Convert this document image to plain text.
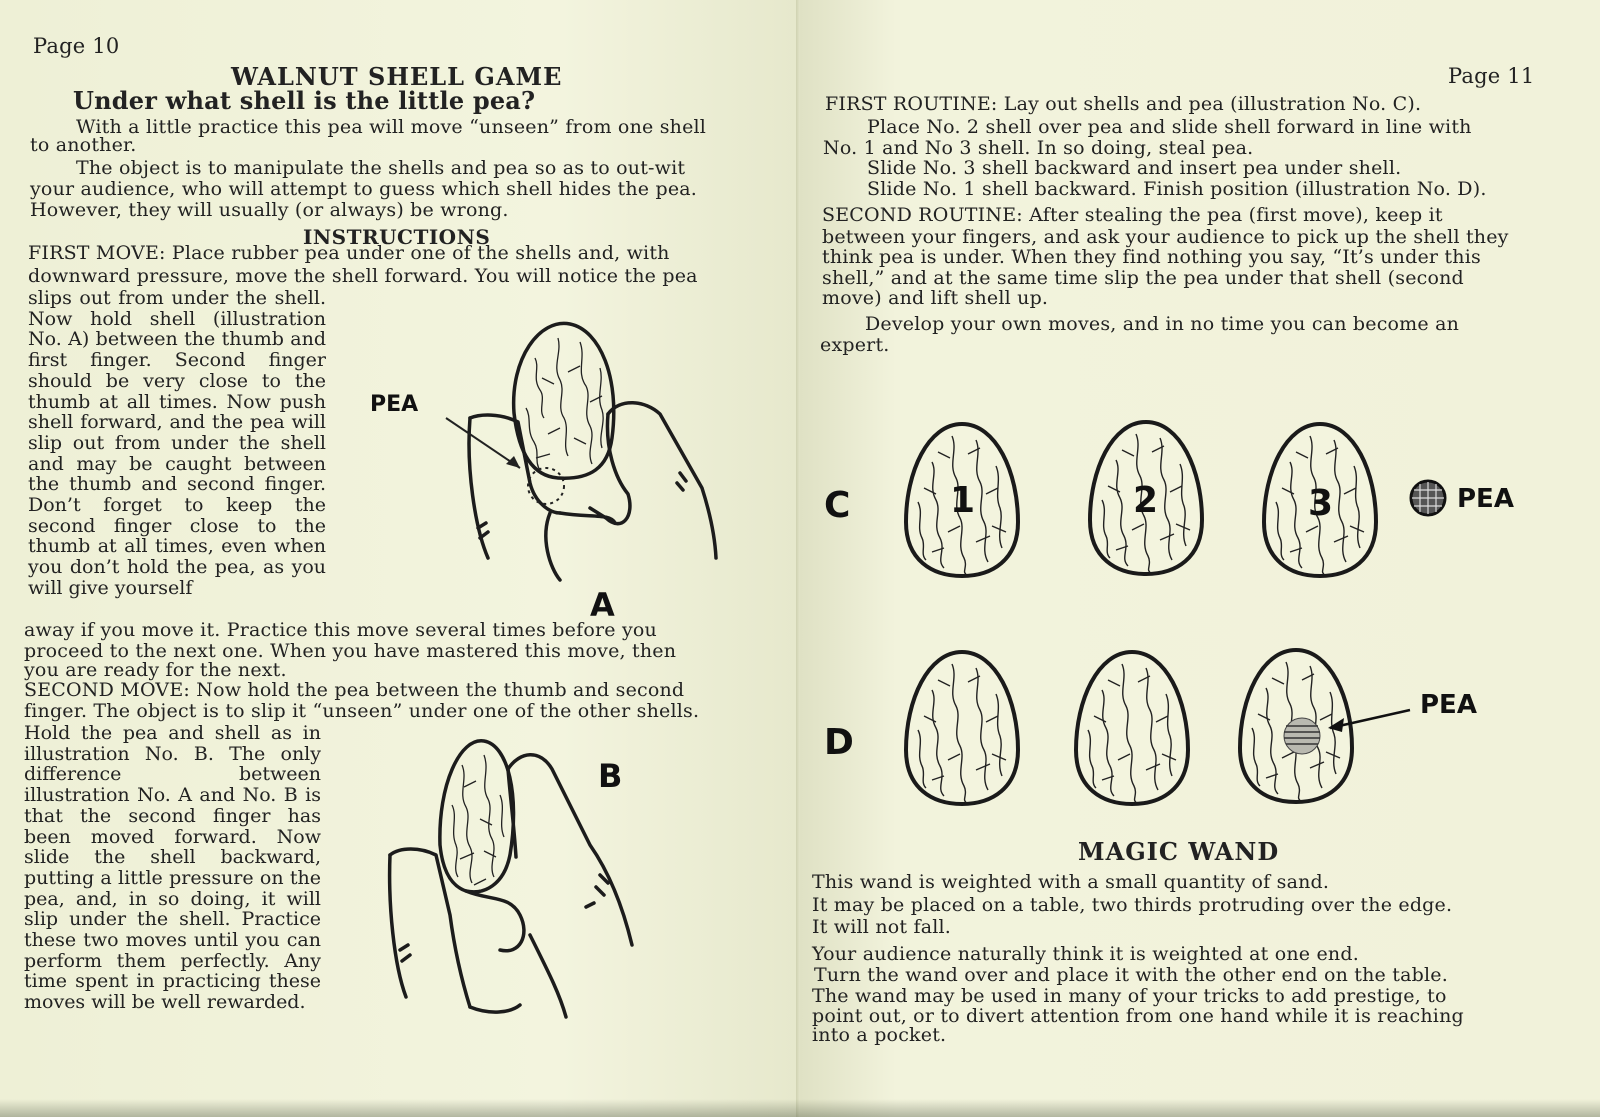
Page 10

WALNUT SHELL GAME

Under what shell is the little pea?

With a little practice this pea will move “unseen” from one shell

to another.

The object is to manipulate the shells and pea so as to out-wit

your audience, who will attempt to guess which shell hides the pea.

However, they will usually (or always) be wrong.

INSTRUCTIONS

FIRST MOVE: Place rubber pea under one of the shells and, with

downward pressure, move the shell forward. You will notice the pea

slips out from under the shell. Now hold shell (illustration No. A) between the thumb and first finger. Second finger should be very close to the thumb at all times. Now push shell forward, and the pea will slip out from under the shell and may be caught between the thumb and second finger. Don’t forget to keep the second finger close to the thumb at all times, even when you don’t hold the pea, as you will give yourself

away if you move it. Practice this move several times before you

proceed to the next one. When you have mastered this move, then

you are ready for the next.

SECOND MOVE: Now hold the pea between the thumb and second

finger. The object is to slip it “unseen” under one of the other shells.

Hold the pea and shell as in illustration No. B. The only difference between illustration No. A and No. B is that the second finger has been moved forward. Now slide the shell backward, putting a little pressure on the pea, and, in so doing, it will slip under the shell. Practice these two moves until you can perform them perfectly. Any time spent in practicing these moves will be well rewarded.

PEA
A
B

Page 11

FIRST ROUTINE: Lay out shells and pea (illustration No. C).

Place No. 2 shell over pea and slide shell forward in line with

No. 1 and No 3 shell. In so doing, steal pea.

Slide No. 3 shell backward and insert pea under shell.

Slide No. 1 shell backward. Finish position (illustration No. D).

SECOND ROUTINE: After stealing the pea (first move), keep it

between your fingers, and ask your audience to pick up the shell they

think pea is under. When they find nothing you say, “It’s under this

shell,” and at the same time slip the pea under that shell (second

move) and lift shell up.

Develop your own moves, and in no time you can become an

expert.

C
D
1	2	3	PEA
PEA

MAGIC WAND

This wand is weighted with a small quantity of sand.

It may be placed on a table, two thirds protruding over the edge.

It will not fall.

Your audience naturally think it is weighted at one end.

Turn the wand over and place it with the other end on the table.

The wand may be used in many of your tricks to add prestige, to

point out, or to divert attention from one hand while it is reaching

into a pocket.
